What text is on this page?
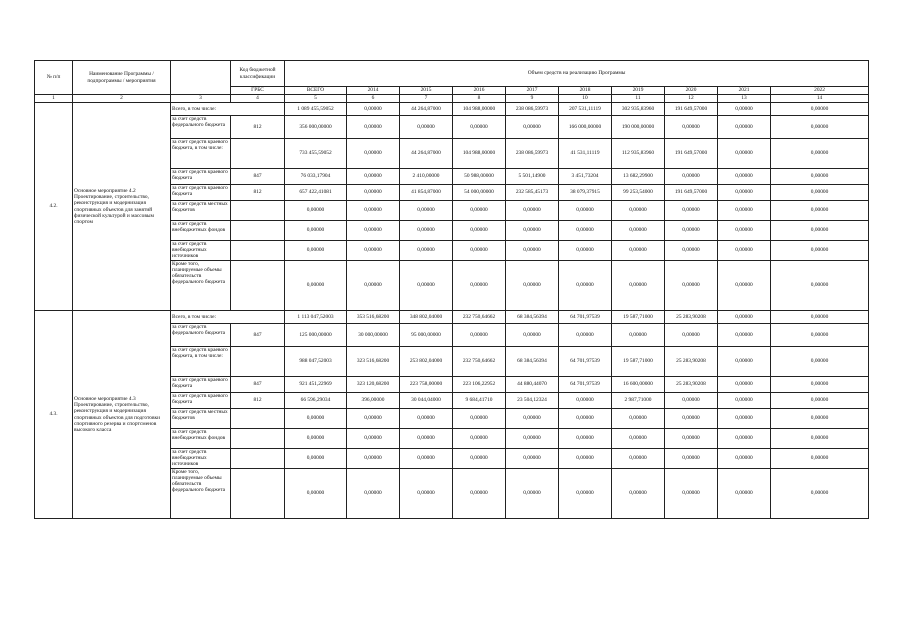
№ п/п	Наименование Программы / подпрограммы / мероприятия		Код бюджетной классификации	Объем средств на реализацию Программы									
			ГРБС	ВСЕГО	2014	2015	2016	2017	2018	2019	2020	2021	2022
1	2	3	4	5	6	7	8	9	10	11	12	13	14
4.2.	Основное мероприятие 4.2 Проектирование, строительство, реконструкция и модернизация спортивных объектов для занятий физической культурой и массовым спортом	Всего, в том числе:		1 089 455,59052	0,00000	44 264,87000	104 988,00000	238 086,59973	207 531,11119	302 935,83960	191 649,57000	0,00000	0,00000
		за счет средств федерального бюджета	812	356 000,00000	0,00000	0,00000	0,00000	0,00000	166 000,00000	190 000,00000	0,00000	0,00000	0,00000
		за счет средств краевого бюджета, в том числе:		733 455,59052	0,00000	44 264,87000	104 988,00000	238 086,59973	41 531,11119	112 935,83960	191 649,57000	0,00000	0,00000
		за счет средств краевого бюджета	847	76 033,17904	0,00000	2 410,00000	50 988,00000	5 501,14900	3 451,73204	13 682,29900	0,00000	0,00000	0,00000
		за счет средств краевого бюджета	812	657 422,41081	0,00000	41 854,87000	54 000,00000	232 585,45173	38 079,37915	99 253,54000	191 649,57000	0,00000	0,00000
		за счет средств местных бюджетов		0,00000	0,00000	0,00000	0,00000	0,00000	0,00000	0,00000	0,00000	0,00000	0,00000
		за счет средств внебюджетных фондов		0,00000	0,00000	0,00000	0,00000	0,00000	0,00000	0,00000	0,00000	0,00000	0,00000
		за счет средств внебюджетных источников		0,00000	0,00000	0,00000	0,00000	0,00000	0,00000	0,00000	0,00000	0,00000	0,00000
		Кроме того, планируемые объемы обязательств федерального бюджета		0,00000	0,00000	0,00000	0,00000	0,00000	0,00000	0,00000	0,00000	0,00000	0,00000
4.3.	Основное мероприятие 4.3 Проектирование, строительство, реконструкция и модернизация спортивных объектов для подготовки спортивного резерва и спортсменов высокого класса	Всего, в том числе:		1 113 047,52003	353 516,68200	348 802,04000	232 750,64662	68 384,56394	64 701,97539	19 587,71000	25 283,90208	0,00000	0,00000
		за счет средств федерального бюджета	847	125 000,00000	30 000,00000	95 000,00000	0,00000	0,00000	0,00000	0,00000	0,00000	0,00000	0,00000
		за счет средств краевого бюджета, в том числе:		988 047,52003	323 516,68200	253 802,04000	232 750,64662	68 384,56394	64 701,97539	19 587,71000	25 283,90208	0,00000	0,00000
		за счет средств краевого бюджета	847	921 451,22969	323 120,68200	223 758,00000	223 106,22952	44 880,44070	64 701,97539	16 600,00000	25 283,90208	0,00000	0,00000
		за счет средств краевого бюджета	812	66 596,29034	396,00000	30 044,04000	9 684,41710	23 504,12324	0,00000	2 987,71000	0,00000	0,00000	0,00000
		за счет средств местных бюджетов		0,00000	0,00000	0,00000	0,00000	0,00000	0,00000	0,00000	0,00000	0,00000	0,00000
		за счет средств внебюджетных фондов		0,00000	0,00000	0,00000	0,00000	0,00000	0,00000	0,00000	0,00000	0,00000	0,00000
		за счет средств внебюджетных источников		0,00000	0,00000	0,00000	0,00000	0,00000	0,00000	0,00000	0,00000	0,00000	0,00000
		Кроме того, планируемые объемы обязательств федерального бюджета		0,00000	0,00000	0,00000	0,00000	0,00000	0,00000	0,00000	0,00000	0,00000	0,00000
